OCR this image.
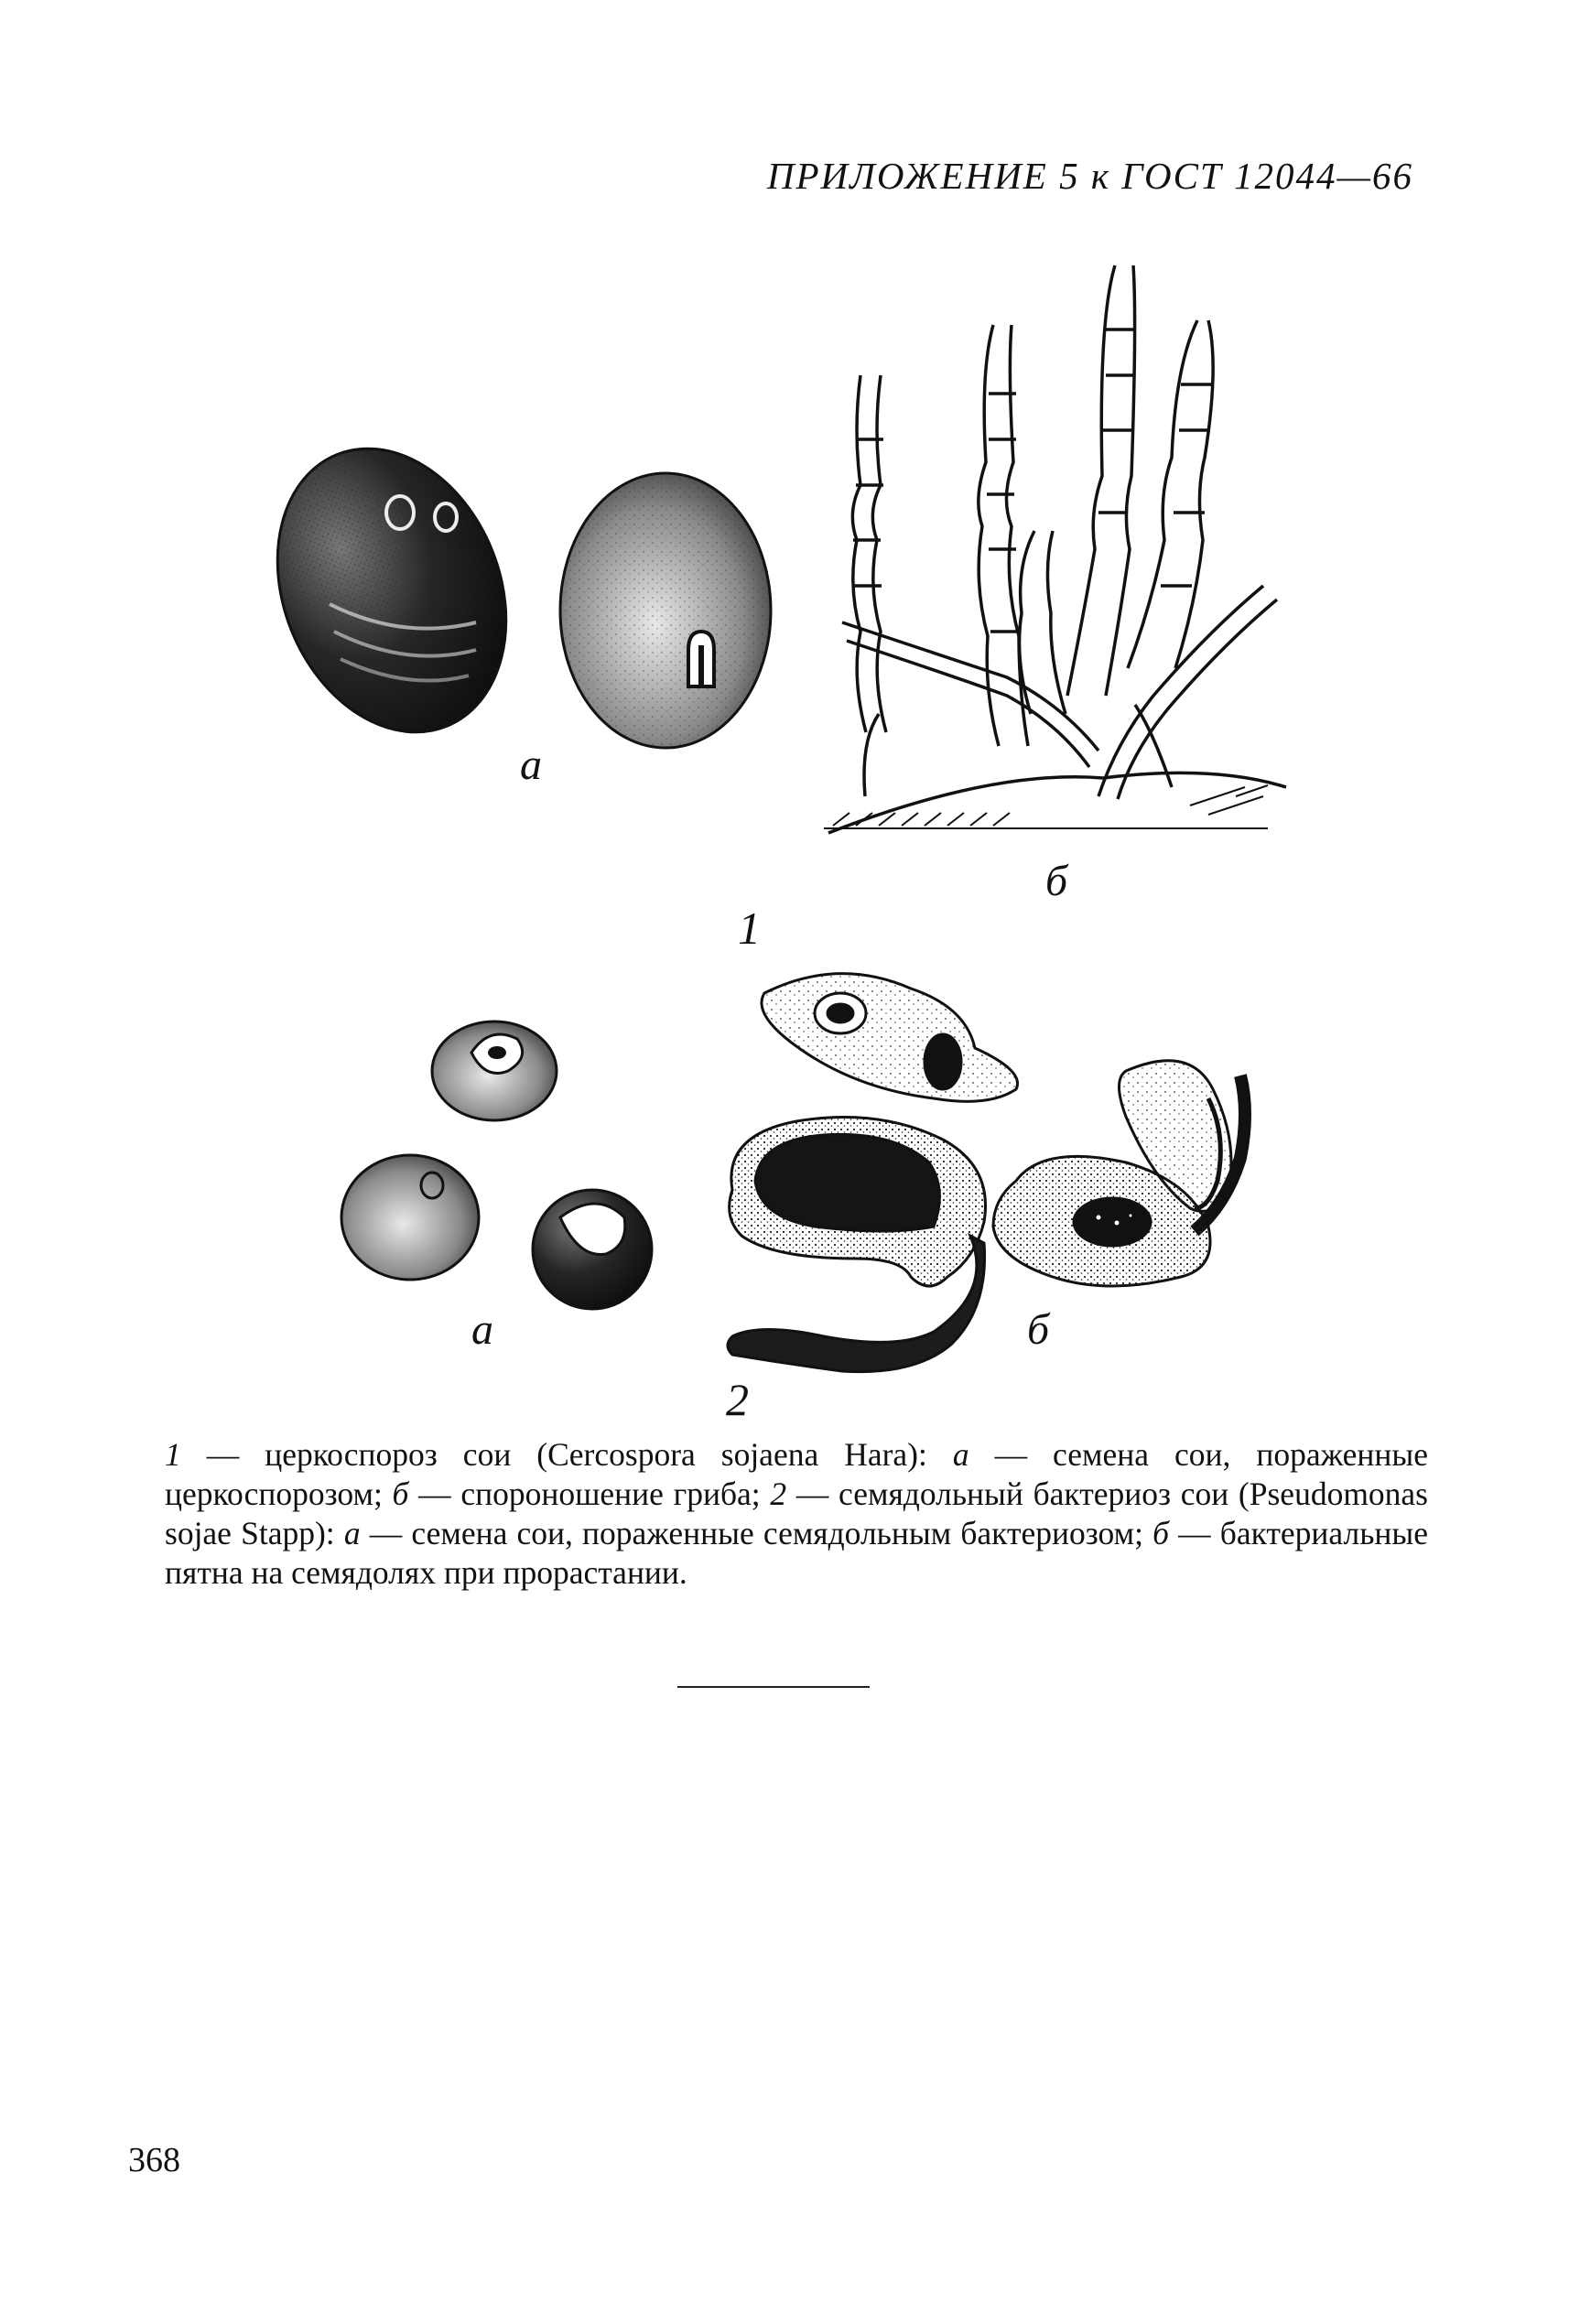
ПРИЛОЖЕНИЕ 5 к ГОСТ 12044—66
а
б
1
а	б
2
1 — церкоспороз сои (Cercospora sojaena Hara): а — семена сои, пораженные церкоспорозом; б — спороношение гриба; 2 — семядольный бактериоз сои (Pseudomonas sojae Stapp): а — семена сои, пораженные семядольным бактериозом; б — бактериальные пятна на семядолях при прорастании.
368
